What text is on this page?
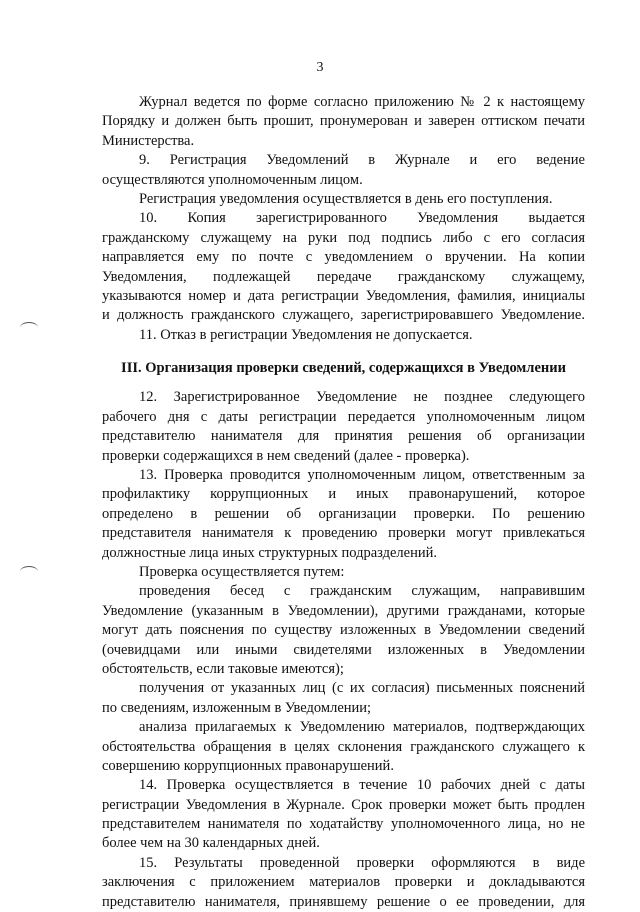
3
Журнал ведется по форме согласно приложению № 2 к настоящему
Порядку и должен быть прошит, пронумерован и заверен оттиском печати
Министерства.
9. Регистрация Уведомлений в Журнале и его ведение
осуществляются уполномоченным лицом.
Регистрация уведомления осуществляется в день его поступления.
10. Копия зарегистрированного Уведомления выдается
гражданскому служащему на руки под подпись либо с его согласия
направляется ему по почте с уведомлением о вручении. На копии
Уведомления, подлежащей передаче гражданскому служащему,
указываются номер и дата регистрации Уведомления, фамилия, инициалы
и должность гражданского служащего, зарегистрировавшего Уведомление.
11. Отказ в регистрации Уведомления не допускается.
III. Организация проверки сведений, содержащихся в Уведомлении
12. Зарегистрированное Уведомление не позднее следующего
рабочего дня с даты регистрации передается уполномоченным лицом
представителю нанимателя для принятия решения об организации
проверки содержащихся в нем сведений (далее - проверка).
13. Проверка проводится уполномоченным лицом, ответственным за
профилактику коррупционных и иных правонарушений, которое
определено в решении об организации проверки. По решению
представителя нанимателя к проведению проверки могут привлекаться
должностные лица иных структурных подразделений.
Проверка осуществляется путем:
проведения бесед с гражданским служащим, направившим
Уведомление (указанным в Уведомлении), другими гражданами, которые
могут дать пояснения по существу изложенных в Уведомлении сведений
(очевидцами или иными свидетелями изложенных в Уведомлении
обстоятельств, если таковые имеются);
получения от указанных лиц (с их согласия) письменных пояснений
по сведениям, изложенным в Уведомлении;
анализа прилагаемых к Уведомлению материалов, подтверждающих
обстоятельства обращения в целях склонения гражданского служащего к
совершению коррупционных правонарушений.
14. Проверка осуществляется в течение 10 рабочих дней с даты
регистрации Уведомления в Журнале. Срок проверки может быть продлен
представителем нанимателя по ходатайству уполномоченного лица, но не
более чем на 30 календарных дней.
15. Результаты проведенной проверки оформляются в виде
заключения с приложением материалов проверки и докладываются
представителю нанимателя, принявшему решение о ее проведении, для
